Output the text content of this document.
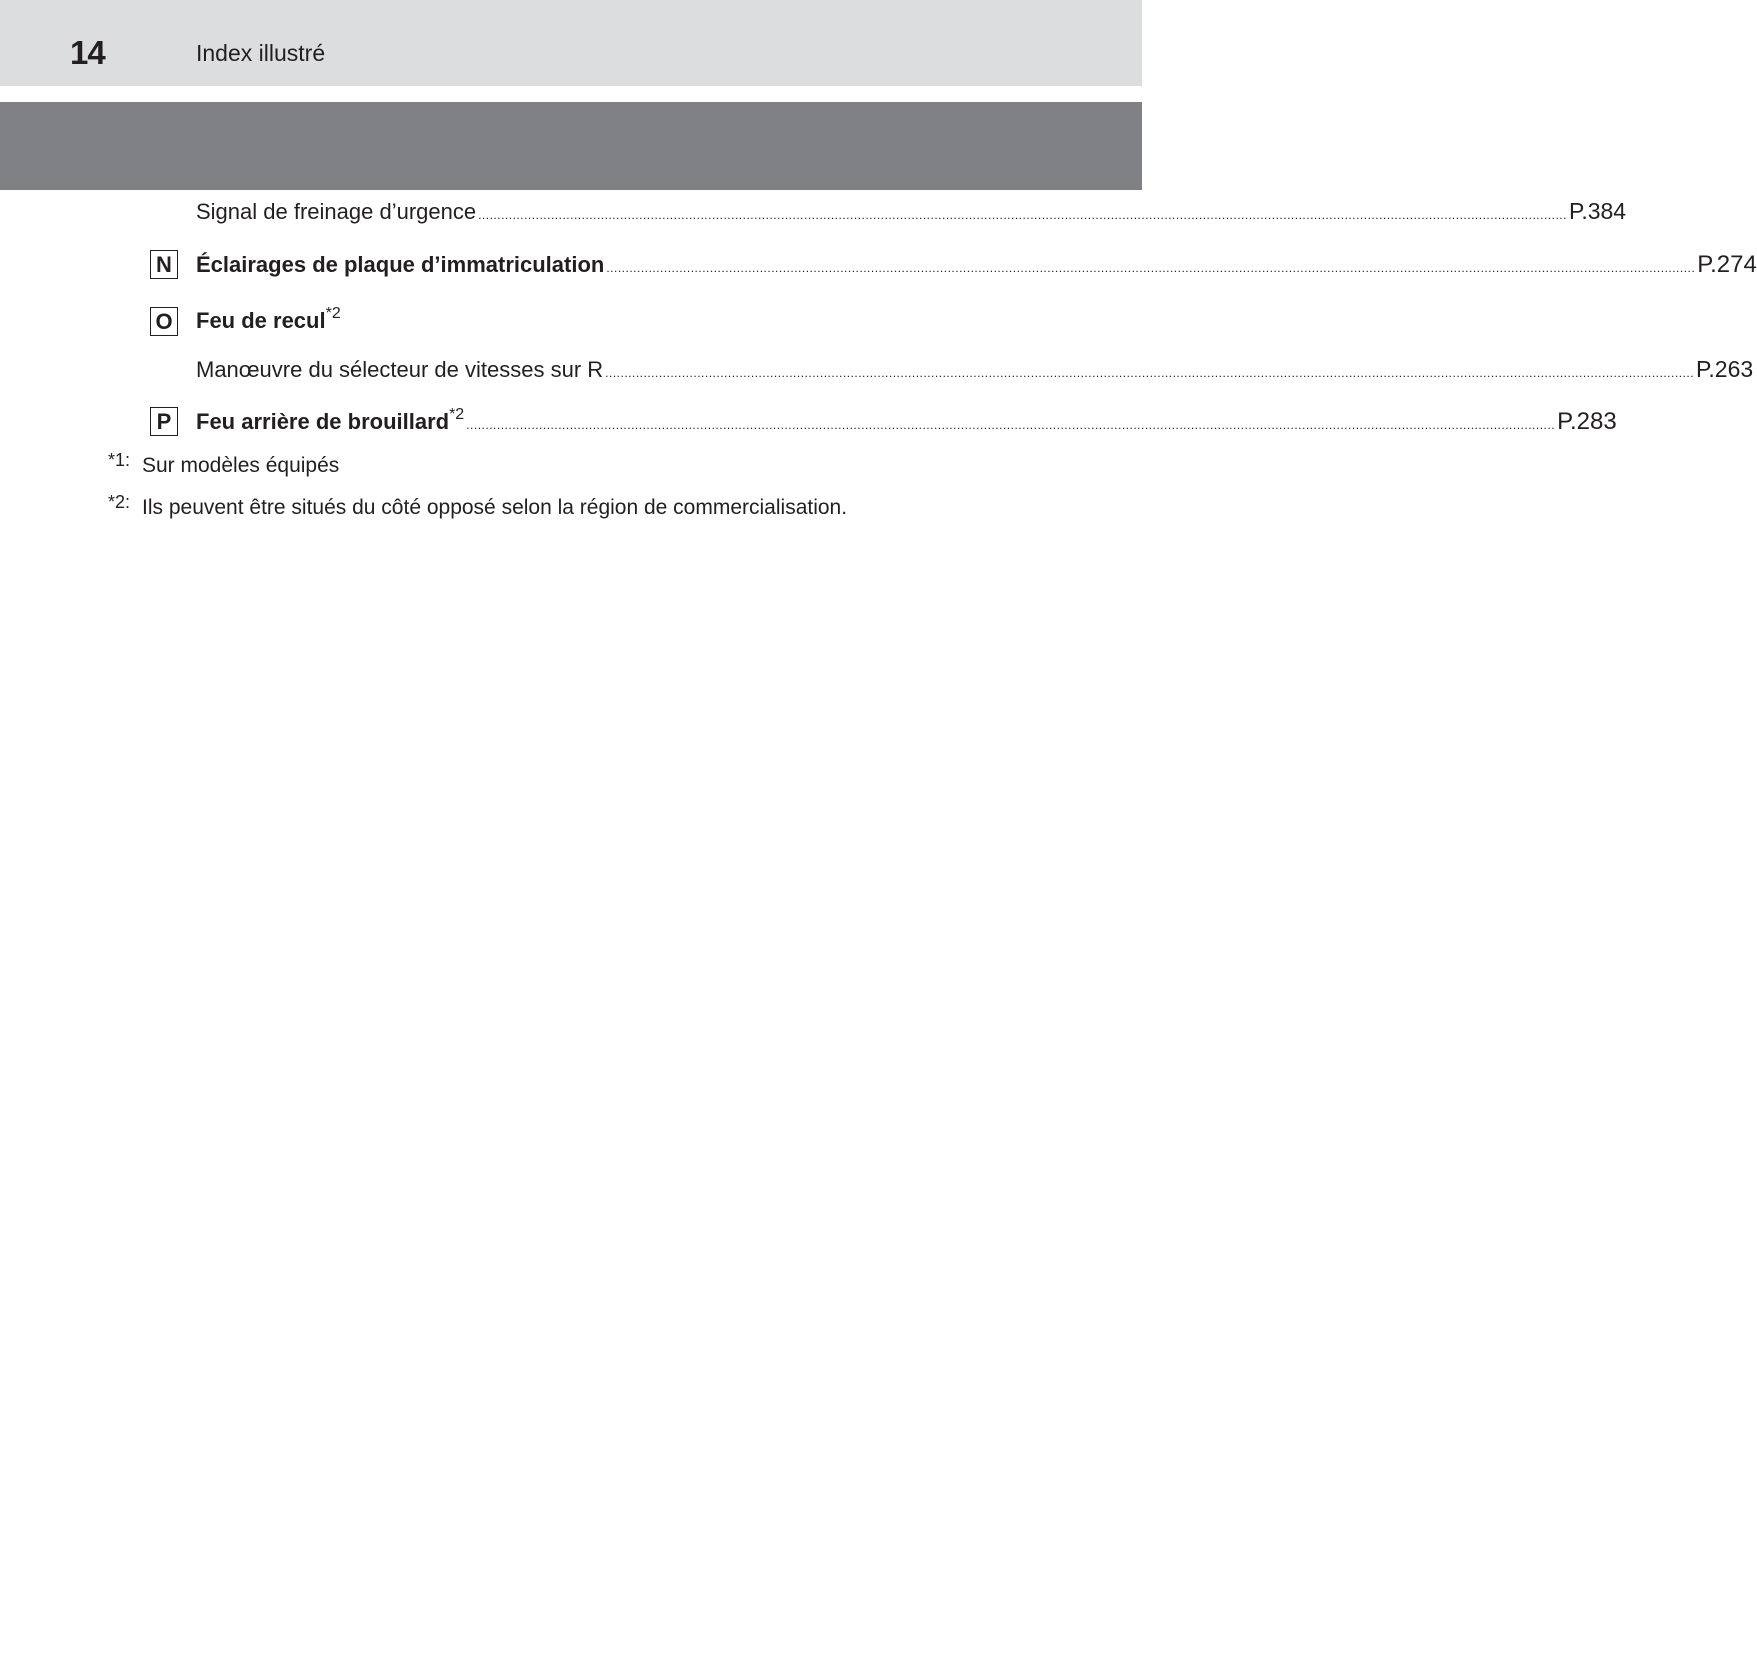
14	Index illustré
Signal de freinage d’urgence ............................................................................................................................................................................................................................................................................................ P.384
N Éclairages de plaque d’immatriculation ............................................................................................................................................................................................................................................................................................ P.274
O Feu de recul$^{*2}$
Manœuvre du sélecteur de vitesses sur R ............................................................................................................................................................................................................................................................................................ P.263
P	Feu arrière de brouillard$^{*2}$
............................................................................................................................................................................................................................................................................................ P.283
*1: Sur modèles équipés
*2: Ils peuvent être situés du côté opposé selon la région de commercialisation.
